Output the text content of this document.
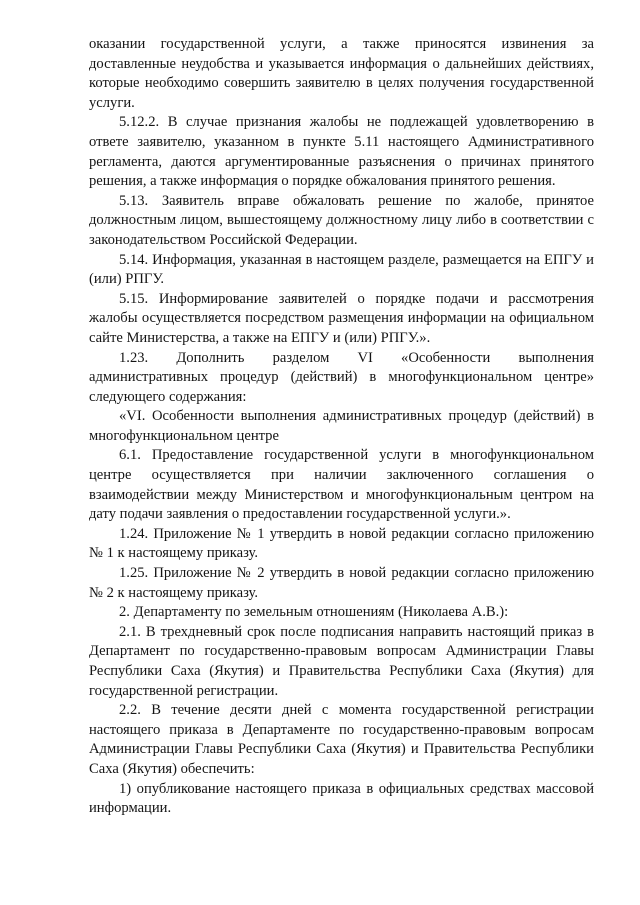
оказании государственной услуги, а также приносятся извинения за доставленные неудобства и указывается информация о дальнейших действиях, которые необходимо совершить заявителю в целях получения государственной услуги.

5.12.2. В случае признания жалобы не подлежащей удовлетворению в ответе заявителю, указанном в пункте 5.11 настоящего Административного регламента, даются аргументированные разъяснения о причинах принятого решения, а также информация о порядке обжалования принятого решения.

5.13. Заявитель вправе обжаловать решение по жалобе, принятое должностным лицом, вышестоящему должностному лицу либо в соответствии с законодательством Российской Федерации.

5.14. Информация, указанная в настоящем разделе, размещается на ЕПГУ и (или) РПГУ.

5.15. Информирование заявителей о порядке подачи и рассмотрения жалобы осуществляется посредством размещения информации на официальном сайте Министерства, а также на ЕПГУ и (или) РПГУ.».

1.23. Дополнить разделом VI «Особенности выполнения административных процедур (действий) в многофункциональном центре» следующего содержания:

«VI. Особенности выполнения административных процедур (действий) в многофункциональном центре

6.1. Предоставление государственной услуги в многофункциональном центре осуществляется при наличии заключенного соглашения о взаимодействии между Министерством и многофункциональным центром на дату подачи заявления о предоставлении государственной услуги.».

1.24. Приложение № 1 утвердить в новой редакции согласно приложению № 1 к настоящему приказу.

1.25. Приложение № 2 утвердить в новой редакции согласно приложению № 2 к настоящему приказу.

2. Департаменту по земельным отношениям (Николаева А.В.):

2.1. В трехдневный срок после подписания направить настоящий приказ в Департамент по государственно-правовым вопросам Администрации Главы Республики Саха (Якутия) и Правительства Республики Саха (Якутия) для государственной регистрации.

2.2. В течение десяти дней с момента государственной регистрации настоящего приказа в Департаменте по государственно-правовым вопросам Администрации Главы Республики Саха (Якутия) и Правительства Республики Саха (Якутия) обеспечить:

1) опубликование настоящего приказа в официальных средствах массовой информации.
